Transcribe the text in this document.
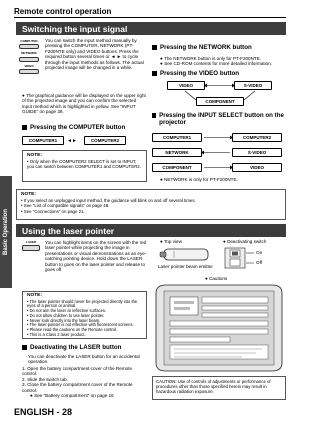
Remote control operation
Basic Operation
Switching the input signal
COMPUTER
NETWORK
VIDEO
You can switch the input method manually by pressing the COMPUTER, NETWORK (PT-F200NTE only) and VIDEO buttons. Press the required button several times or ◄ ► to cycle through the input methods as follows. The actual projected image will be changed in a while.
● The graphical guidance will be displayed on the upper right of the projected image and you can confirm the selected input method which is highlighted in yellow. See "INPUT GUIDE" on page 39.
Pressing the COMPUTER button
COMPUTER1	◄►	COMPUTER2
NOTE:
• Only when the COMPUTER2 SELECT is set to INPUT, you can switch between COMPUTER1 and COMPUTER2.
Pressing the NETWORK button
● The NETWORK button is only for PT-F200NTE.
● See CD-ROM contents for more detailed information.
Pressing the VIDEO button
VIDEO	S-VIDEO
COMPONENT
Pressing the INPUT SELECT button on the projector
COMPUTER1	COMPUTER2
NETWORK	S-VIDEO
COMPONENT	VIDEO
● NETWORK is only for PT-F200NTE.
NOTE:
• If you select an unplugged input method, the guidance will blink on and off several times.
• See "List of compatible signals" on page 48.
• See "Connections" on page 21.
Using the laser pointer
LASER	You can highlight items on the screen with the red laser pointer while projecting the image in presentations or visual demonstrations as an eye-catching pointing device. Hold down the LASER button to goes on the laser pointer and release to goes off.
NOTE:
• The laser pointer should never be projected directly into the eyes of a person or animal.
• Do not aim the laser at reflective surfaces.
• Do not allow children to use laser pointer.
• Never look directly into the laser beam.
• The laser pointer is not effective with fluorescent screens.
• Please read the cautions on the Remote control.
• This is a Class 2 laser product.
Deactivating the LASER button
You can deactivate the LASER button for an accidental operation.
1. Open the battery compartment cover of the Remote control.
2. Slide the switch tab.
3. Close the battery compartment cover of the Remote control.
● See "Battery compartment" on page 16
● Top view
Laser pointer beam emitter
● Deactivating switch
On
Off
● Cautions
CAUTION: Use of controls of adjustments or performance of procedures other than those specified herein may result in hazardous radiation exposure.
ENGLISH - 28
